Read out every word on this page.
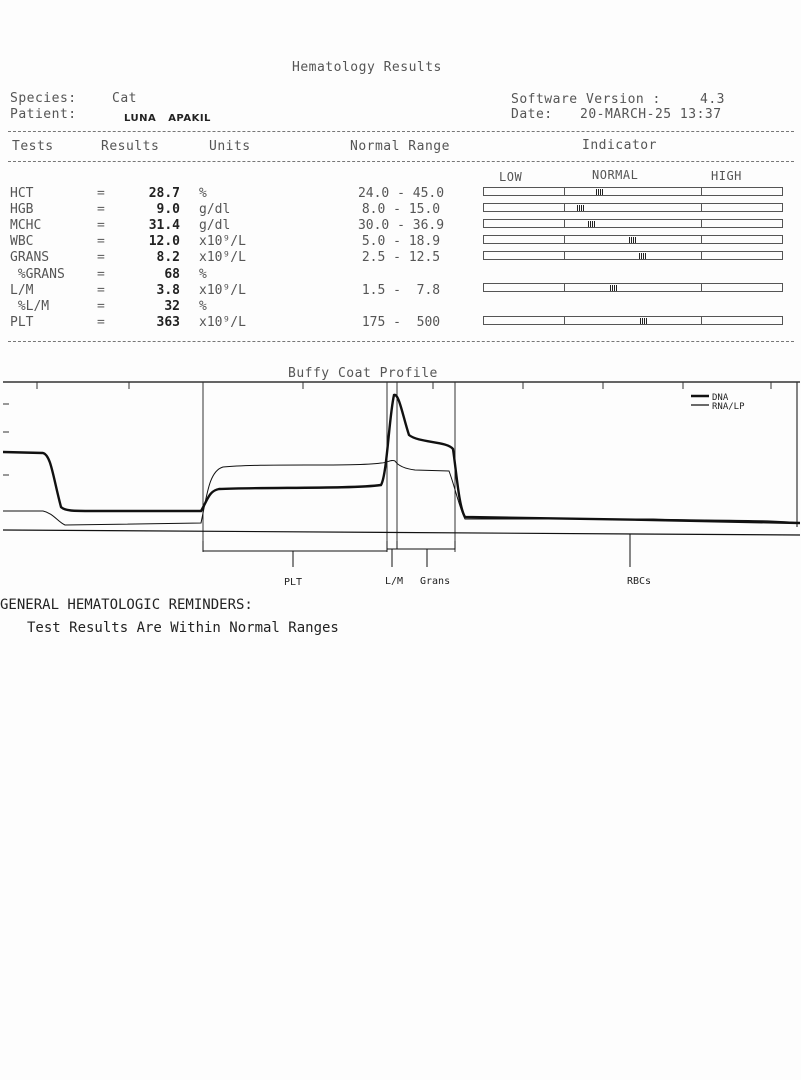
Hematology Results
Species:	Cat
Patient:	LUNA   APAKIL
Software Version :	4.3
Date: 20-MARCH-25 13:37
Tests	Results	Units	Normal Range	Indicator
LOW	NORMAL	HIGH
HCT	=	28.7 %	24.0 - 45.0
HGB	=	9.0 g/dl	8.0 - 15.0
MCHC	=	31.4 g/dl	30.0 - 36.9
WBC	=	12.0 x10⁹/L	5.0 - 18.9
GRANS	=	8.2 x10⁹/L	2.5 - 12.5
%GRANS =	68 %
L/M	=	3.8 x10⁹/L	1.5 -  7.8
%L/M	=	32 %
PLT	=	363 x10⁹/L	175 -  500
Buffy Coat Profile
DNA
RNA/LP
PLT	L/M Grans	RBCs
GENERAL HEMATOLOGIC REMINDERS:
Test Results Are Within Normal Ranges
